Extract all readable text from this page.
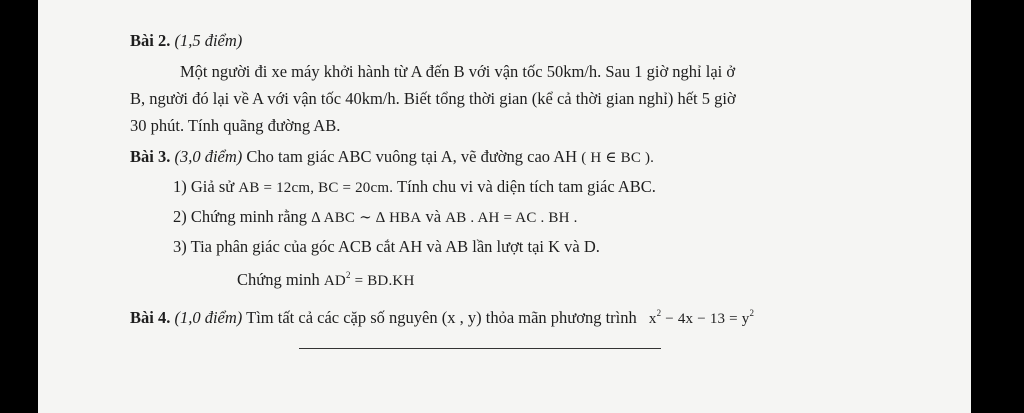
Bài 2. (1,5 điểm)
Một người đi xe máy khởi hành từ A đến B với vận tốc 50km/h. Sau 1 giờ nghỉ lại ở
B, người đó lại về A với vận tốc 40km/h. Biết tổng thời gian (kể cả thời gian nghỉ) hết 5 giờ
30 phút. Tính quãng đường AB.
Bài 3. (3,0 điểm) Cho tam giác ABC vuông tại A, vẽ đường cao AH ( H ∈ BC ).
1) Giả sử AB = 12cm, BC = 20cm. Tính chu vi và diện tích tam giác ABC.
2) Chứng minh rằng ∆ ABC ∼ ∆ HBA và AB . AH = AC . BH .
3) Tia phân giác của góc ACB cắt AH và AB lần lượt tại K và D.
Chứng minh $AD^2 = BD.KH$
Bài 4. (1,0 điểm) Tìm tất cả các cặp số nguyên (x , y) thỏa mãn phương trình $x^2 - 4x - 13 = y^2$
